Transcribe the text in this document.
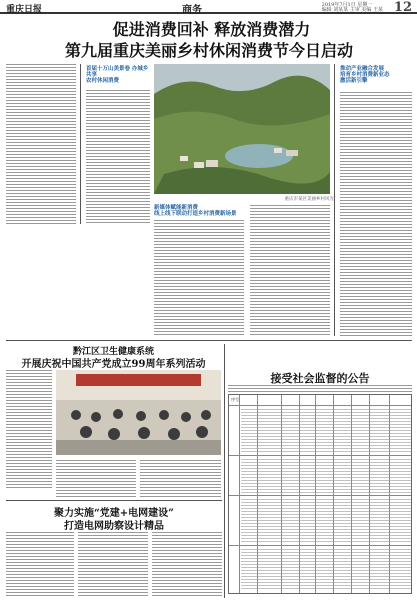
重庆日报	商务	2019年7月1日 星期一
编辑 刘某某 主审 美编 王某 12
促进消费回补 释放消费潜力
第九届重庆美丽乡村休闲消费节今日启动
首届十万山美景卷 办城乡共享
农村休闲消费
重庆市某区美丽乡村风光
新媒体赋能新消费
线上线下联动打造乡村消费新场景
推动产业融合发展
培育乡村消费新业态
激活新引擎
黔江区卫生健康系统
开展庆祝中国共产党成立99周年系列活动
接受社会监督的公告
序号
聚力实施“党建+电网建设”
打造电网助察设计精品
